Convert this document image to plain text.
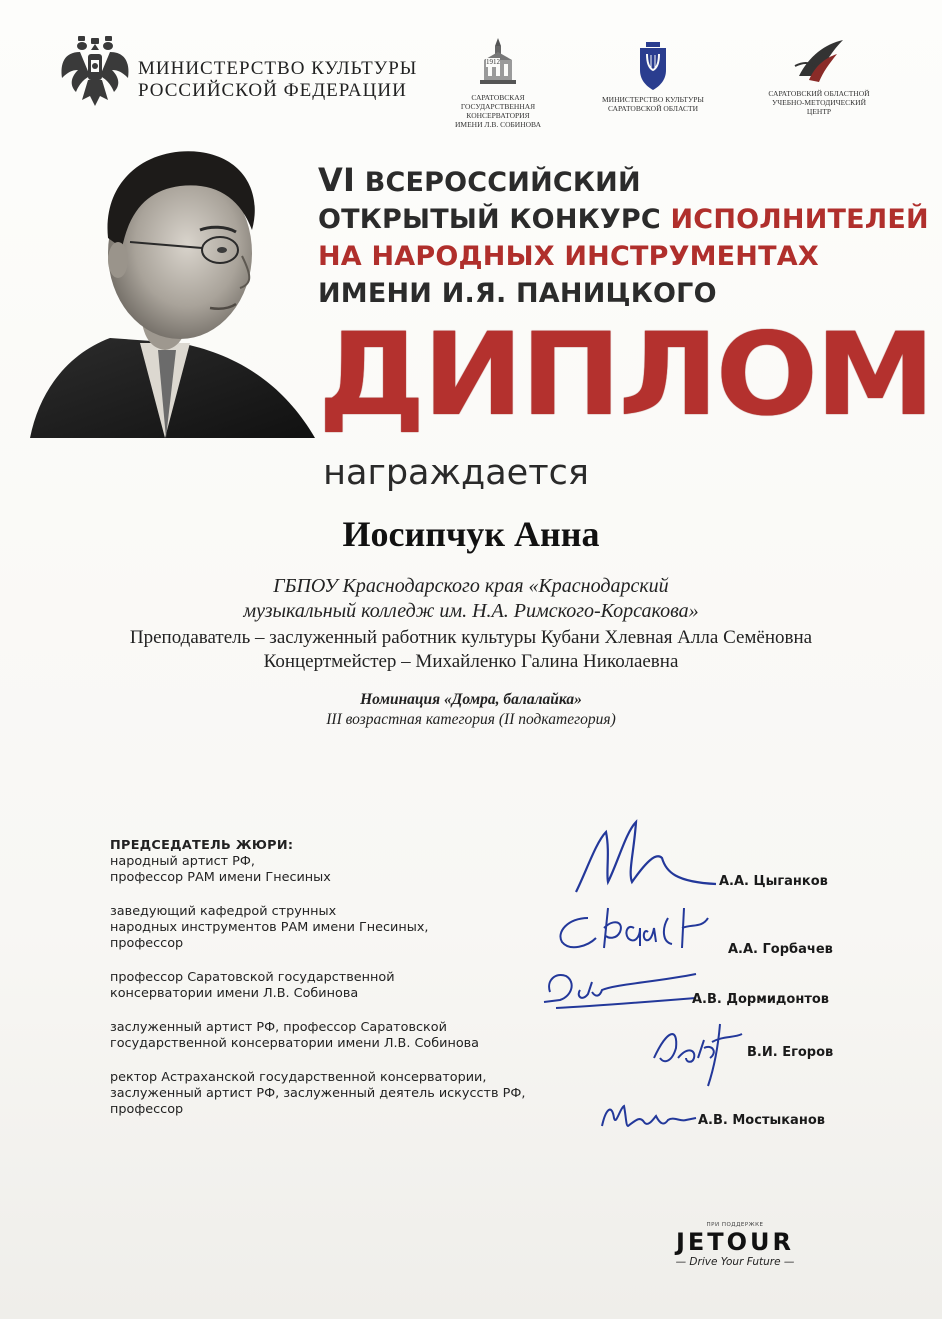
МИНИСТЕРСТВО КУЛЬТУРЫ
РОССИЙСКОЙ ФЕДЕРАЦИИ
1912
САРАТОВСКАЯ
ГОСУДАРСТВЕННАЯ
КОНСЕРВАТОРИЯ
ИМЕНИ Л.В. СОБИНОВА
МИНИСТЕРСТВО КУЛЬТУРЫ
САРАТОВСКОЙ ОБЛАСТИ
САРАТОВСКИЙ ОБЛАСТНОЙ
УЧЕБНО-МЕТОДИЧЕСКИЙ
ЦЕНТР
VI ВСЕРОССИЙСКИЙ
ОТКРЫТЫЙ КОНКУРС ИСПОЛНИТЕЛЕЙ
НА НАРОДНЫХ ИНСТРУМЕНТАХ
ИМЕНИ И.Я. ПАНИЦКОГО
ДИПЛОМ
награждается
Иосипчук Анна
ГБПОУ Краснодарского края «Краснодарский
музыкальный колледж им. Н.А. Римского-Корсакова»
Преподаватель – заслуженный работник культуры Кубани Хлевная Алла Семёновна
Концертмейстер – Михайленко Галина Николаевна
Номинация «Домра, балалайка»
III возрастная категория (II подкатегория)
ПРЕДСЕДАТЕЛЬ ЖЮРИ:
народный артист РФ,
профессор РАМ имени Гнесиных
заведующий кафедрой струнных
народных инструментов РАМ имени Гнесиных,
профессор
профессор Саратовской государственной
консерватории имени Л.В. Собинова
заслуженный артист РФ, профессор Саратовской
государственной консерватории имени Л.В. Собинова
ректор Астраханской государственной консерватории,
заслуженный артист РФ, заслуженный деятель искусств РФ,
профессор
А.А. Цыганков
А.А. Горбачев
А.В. Дормидонтов
В.И. Егоров
А.В. Мостыканов
ПРИ ПОДДЕРЖКЕ
JETOUR
— Drive Your Future —
